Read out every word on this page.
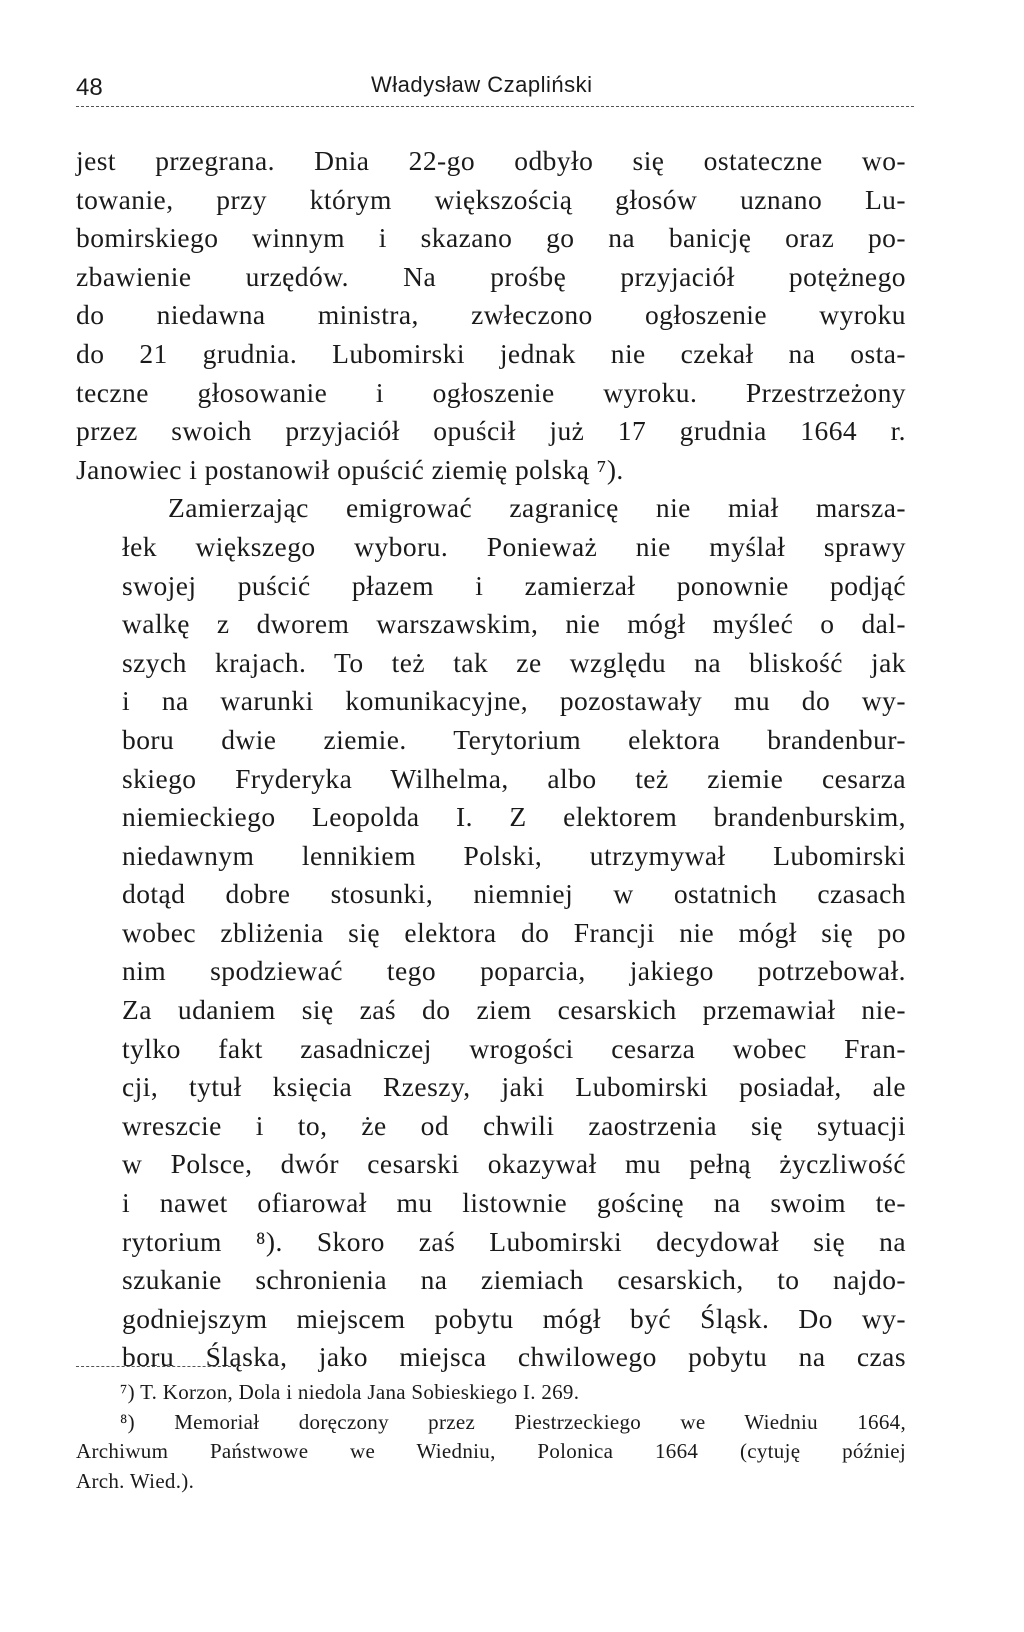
48	Władysław Czapliński

jest przegrana. Dnia 22-go odbyło się ostateczne wo-
towanie, przy którym większością głosów uznano Lu-
bomirskiego winnym i skazano go na banicję oraz po-
zbawienie urzędów. Na prośbę przyjaciół potężnego
do niedawna ministra, zwłeczono ogłoszenie wyroku
do 21 grudnia. Lubomirski jednak nie czekał na osta-
teczne głosowanie i ogłoszenie wyroku. Przestrzeżony
przez swoich przyjaciół opuścił już 17 grudnia 1664 r.
Janowiec i postanowił opuścić ziemię polską ⁷).

Zamierzając emigrować zagranicę nie miał marsza-
łek większego wyboru. Ponieważ nie myślał sprawy
swojej puścić płazem i zamierzał ponownie podjąć
walkę z dworem warszawskim, nie mógł myśleć o dal-
szych krajach. To też tak ze względu na bliskość jak
i na warunki komunikacyjne, pozostawały mu do wy-
boru dwie ziemie. Terytorium elektora brandenbur-
skiego Fryderyka Wilhelma, albo też ziemie cesarza
niemieckiego Leopolda I. Z elektorem brandenburskim,
niedawnym lennikiem Polski, utrzymywał Lubomirski
dotąd dobre stosunki, niemniej w ostatnich czasach
wobec zbliżenia się elektora do Francji nie mógł się po
nim spodziewać tego poparcia, jakiego potrzebował.
Za udaniem się zaś do ziem cesarskich przemawiał nie-
tylko fakt zasadniczej wrogości cesarza wobec Fran-
cji, tytuł księcia Rzeszy, jaki Lubomirski posiadał, ale
wreszcie i to, że od chwili zaostrzenia się sytuacji
w Polsce, dwór cesarski okazywał mu pełną życzliwość
i nawet ofiarował mu listownie gościnę na swoim te-
rytorium ⁸). Skoro zaś Lubomirski decydował się na
szukanie schronienia na ziemiach cesarskich, to najdo-
godniejszym miejscem pobytu mógł być Śląsk. Do wy-
boru Śląska, jako miejsca chwilowego pobytu na czas

⁷) T. Korzon, Dola i niedola Jana Sobieskiego I. 269.

⁸) Memoriał doręczony przez Piestrzeckiego we Wiedniu 1664,
Archiwum Państwowe we Wiedniu, Polonica 1664 (cytuję później
Arch. Wied.).
